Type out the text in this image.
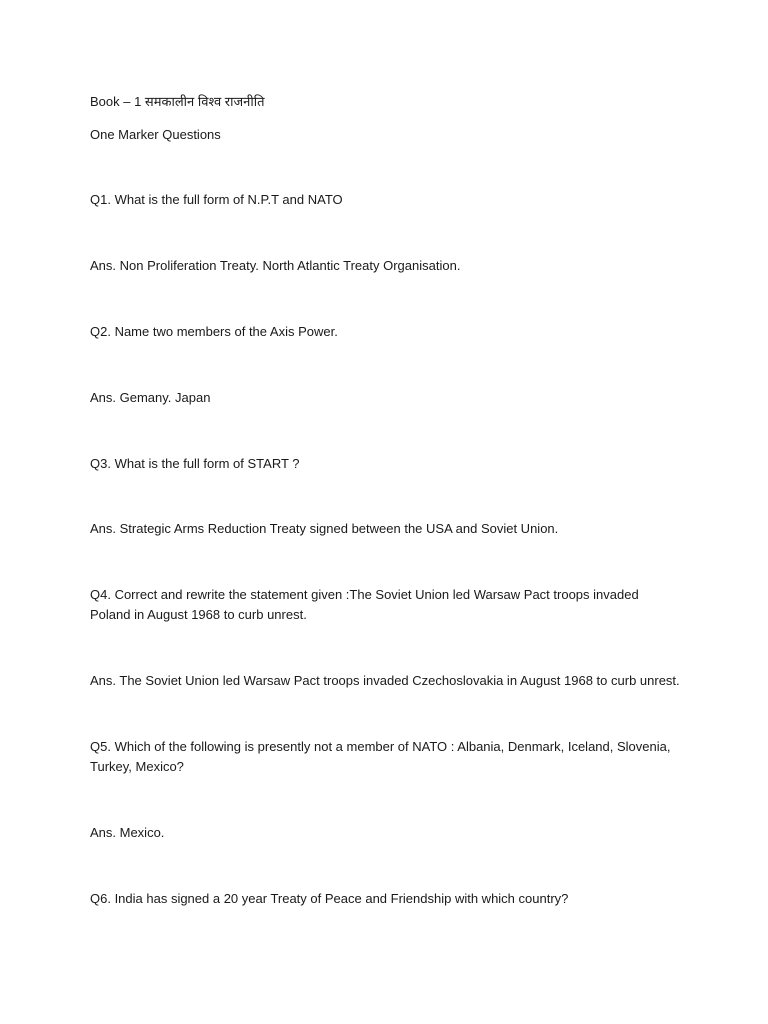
Book – 1 समकालीन विश्व राजनीति
One Marker Questions
Q1. What is the full form of N.P.T and NATO
Ans. Non Proliferation Treaty. North Atlantic Treaty Organisation.
Q2. Name two members of the Axis Power.
Ans. Gemany. Japan
Q3. What is the full form of START ?
Ans. Strategic Arms Reduction Treaty signed between the USA and Soviet Union.
Q4. Correct and rewrite the statement given :The Soviet Union led Warsaw Pact troops invaded Poland in August 1968 to curb unrest.
Ans. The Soviet Union led Warsaw Pact troops invaded Czechoslovakia in August 1968 to curb unrest.
Q5. Which of the following is presently not a member of NATO : Albania, Denmark, Iceland, Slovenia, Turkey, Mexico?
Ans. Mexico.
Q6. India has signed a 20 year Treaty of Peace and Friendship with which country?
